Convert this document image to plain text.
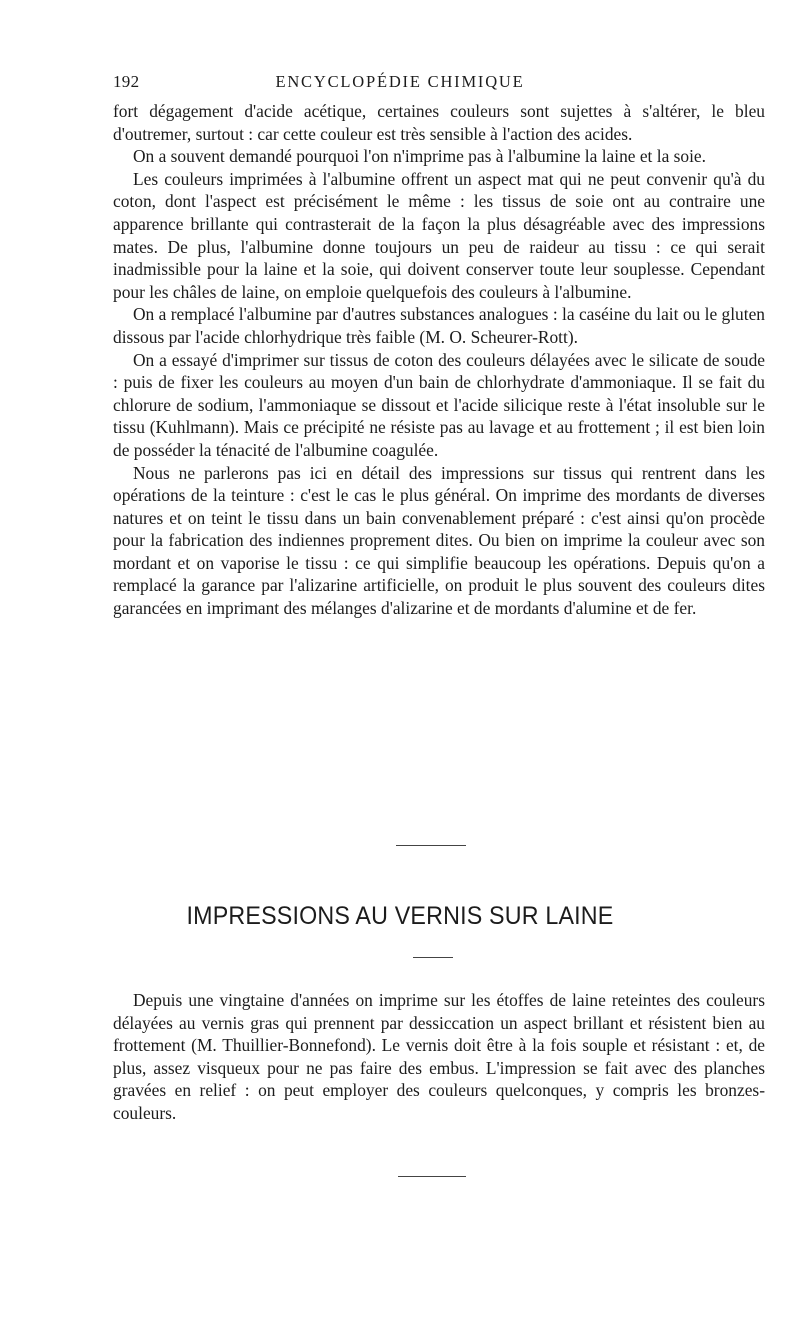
192	ENCYCLOPÉDIE CHIMIQUE

fort dégagement d'acide acétique, certaines couleurs sont sujettes à s'altérer, le bleu d'outremer, surtout : car cette couleur est très sensible à l'action des acides.

On a souvent demandé pourquoi l'on n'imprime pas à l'albumine la laine et la soie.

Les couleurs imprimées à l'albumine offrent un aspect mat qui ne peut convenir qu'à du coton, dont l'aspect est précisément le même : les tissus de soie ont au contraire une apparence brillante qui contrasterait de la façon la plus désagréable avec des impressions mates. De plus, l'albumine donne toujours un peu de raideur au tissu : ce qui serait inadmissible pour la laine et la soie, qui doivent conserver toute leur souplesse. Cependant pour les châles de laine, on emploie quelquefois des couleurs à l'albumine.

On a remplacé l'albumine par d'autres substances analogues : la caséine du lait ou le gluten dissous par l'acide chlorhydrique très faible (M. O. Scheurer-Rott).

On a essayé d'imprimer sur tissus de coton des couleurs délayées avec le silicate de soude : puis de fixer les couleurs au moyen d'un bain de chlorhydrate d'ammoniaque. Il se fait du chlorure de sodium, l'ammoniaque se dissout et l'acide silicique reste à l'état insoluble sur le tissu (Kuhlmann). Mais ce précipité ne résiste pas au lavage et au frottement ; il est bien loin de posséder la ténacité de l'albumine coagulée.

Nous ne parlerons pas ici en détail des impressions sur tissus qui rentrent dans les opérations de la teinture : c'est le cas le plus général. On imprime des mordants de diverses natures et on teint le tissu dans un bain convenablement préparé : c'est ainsi qu'on procède pour la fabrication des indiennes proprement dites. Ou bien on imprime la couleur avec son mordant et on vaporise le tissu : ce qui simplifie beaucoup les opérations. Depuis qu'on a remplacé la garance par l'alizarine artificielle, on produit le plus souvent des couleurs dites garancées en imprimant des mélanges d'alizarine et de mordants d'alumine et de fer.

IMPRESSIONS AU VERNIS SUR LAINE

Depuis une vingtaine d'années on imprime sur les étoffes de laine reteintes des couleurs délayées au vernis gras qui prennent par dessiccation un aspect brillant et résistent bien au frottement (M. Thuillier-Bonnefond). Le vernis doit être à la fois souple et résistant : et, de plus, assez visqueux pour ne pas faire des embus. L'impression se fait avec des planches gravées en relief : on peut employer des couleurs quelconques, y compris les bronzes-couleurs.
